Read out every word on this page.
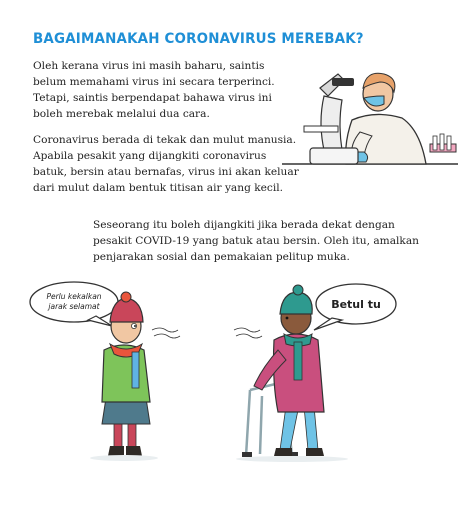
BAGAIMANAKAH CORONAVIRUS MEREBAK?

Oleh kerana virus ini masih baharu, saintis
belum memahami virus ini secara terperinci.
Tetapi, saintis berpendapat bahawa virus ini
boleh merebak melalui dua cara.

Coronavirus berada di tekak dan mulut manusia.
Apabila pesakit yang dijangkiti coronavirus
batuk, bersin atau bernafas, virus ini akan keluar
dari mulut dalam bentuk titisan air yang kecil.

Seseorang itu boleh dijangkiti jika berada dekat dengan
pesakit COVID-19 yang batuk atau bersin. Oleh itu, amalkan
penjarakan sosial dan pemakaian pelitup muka.

Perlu kekalkan
jarak selamat	Betul tu
